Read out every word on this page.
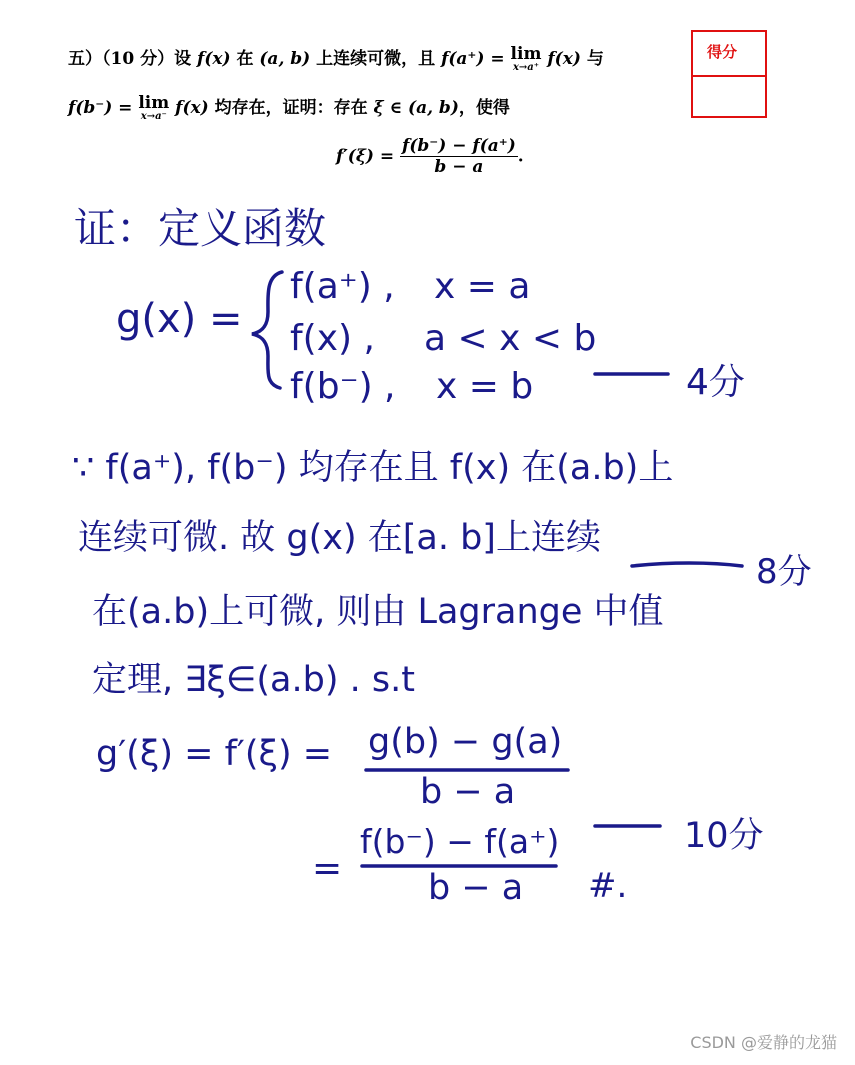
五）（10 分）设 f(x) 在 (a, b) 上连续可微，且 f(a⁺) = lim
x→a⁺ f(x) 与
f(b⁻) = lim
x→a⁻ f(x) 均存在，证明：存在 ξ ∈ (a, b)，使得
$f'(\xi) = \frac{f(b^-) - f(a^+)}{b - a}$ .
得分
证：定义函数
g(x) =
f(a⁺) , x = a
f(x) , a < x < b
f(b⁻) , x = b	4分
∵ f(a⁺), f(b⁻) 均存在且 f(x) 在(a.b)上
连续可微. 故 g(x) 在[a. b]上连续
8分
在(a.b)上可微, 则由 Lagrange 中值
定理, ∃ξ∈(a.b) . s.t
g′(ξ) = f′(ξ) = g(b) − g(a)
b − a
10分
=
f(b⁻) − f(a⁺)
b − a #.
CSDN @爱静的龙猫
